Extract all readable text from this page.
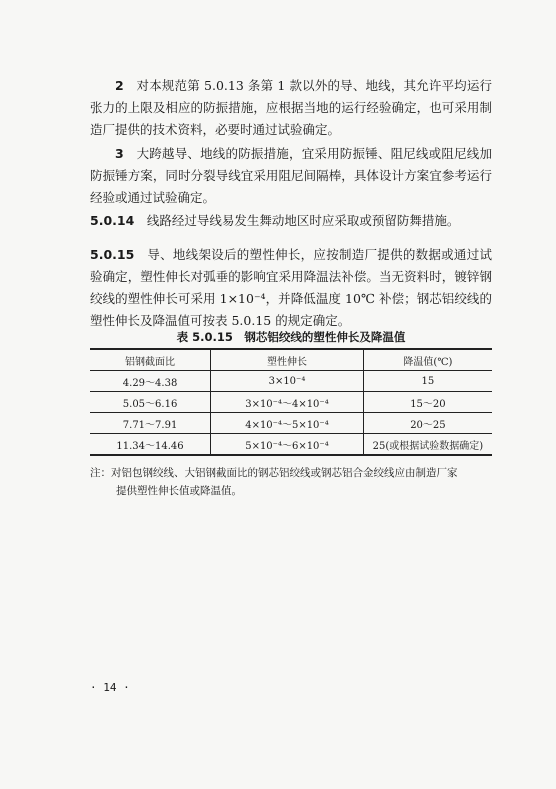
2　 对本规范第 5.0.13 条第 1 款以外的导、地线，其允许平均运行张力的上限及相应的防振措施，应根据当地的运行经验确定，也可采用制造厂提供的技术资料，必要时通过试验确定。

3　 大跨越导、地线的防振措施，宜采用防振锤、阻尼线或阻尼线加防振锤方案，同时分裂导线宜采用阻尼间隔棒，具体设计方案宜参考运行经验或通过试验确定。

5.0.14　 线路经过导线易发生舞动地区时应采取或预留防舞措施。

5.0.15　 导、地线架设后的塑性伸长，应按制造厂提供的数据或通过试验确定，塑性伸长对弧垂的影响宜采用降温法补偿。当无资料时，镀锌钢绞线的塑性伸长可采用 1×10⁻⁴，并降低温度 10℃ 补偿；钢芯铝绞线的塑性伸长及降温值可按表 5.0.15 的规定确定。

表 5.0.15　钢芯铝绞线的塑性伸长及降温值
铝钢截面比	塑性伸长	降温值(℃)
4.29～4.38	3×10⁻⁴	15
5.05～6.16	3×10⁻⁴～4×10⁻⁴	15～20
7.71～7.91	4×10⁻⁴～5×10⁻⁴	20～25
11.34～14.46	5×10⁻⁴～6×10⁻⁴	25(或根据试验数据确定)

注：对铝包钢绞线、大铝钢截面比的钢芯铝绞线或钢芯铝合金绞线应由制造厂家
提供塑性伸长值或降温值。

· 14 ·
